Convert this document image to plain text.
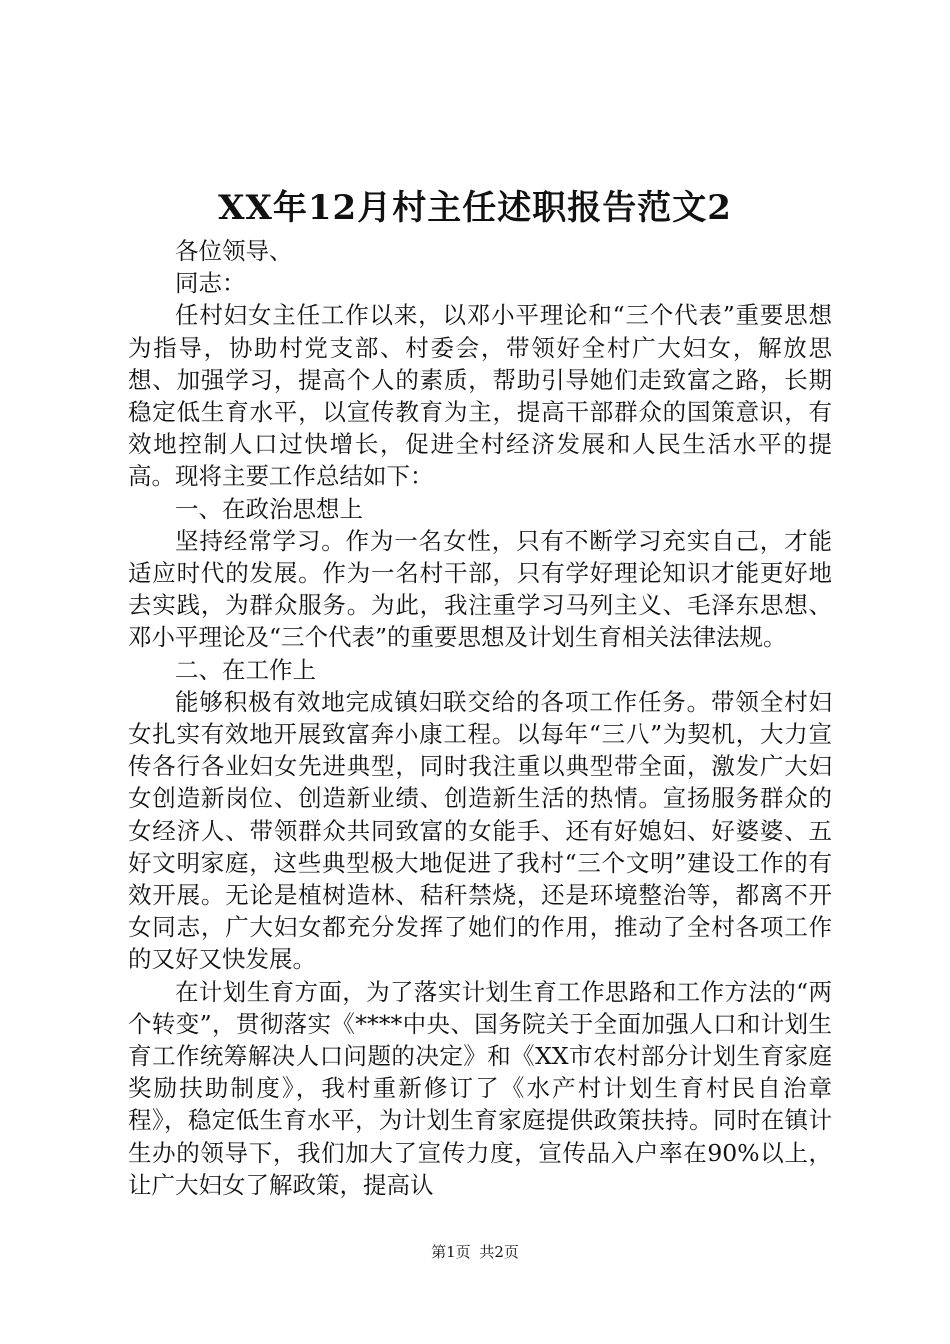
XX年12月村主任述职报告范文2

各位领导、

同志：

任村妇女主任工作以来，以邓小平理论和“三个代表”重要思想为指导，协助村党支部、村委会，带领好全村广大妇女，解放思想、加强学习，提高个人的素质，帮助引导她们走致富之路，长期稳定低生育水平，以宣传教育为主，提高干部群众的国策意识，有效地控制人口过快增长，促进全村经济发展和人民生活水平的提高。现将主要工作总结如下：

一、在政治思想上

坚持经常学习。作为一名女性，只有不断学习充实自己，才能适应时代的发展。作为一名村干部，只有学好理论知识才能更好地去实践，为群众服务。为此，我注重学习马列主义、毛泽东思想、邓小平理论及“三个代表”的重要思想及计划生育相关法律法规。

二、在工作上

能够积极有效地完成镇妇联交给的各项工作任务。带领全村妇女扎实有效地开展致富奔小康工程。以每年“三八”为契机，大力宣传各行各业妇女先进典型，同时我注重以典型带全面，激发广大妇女创造新岗位、创造新业绩、创造新生活的热情。宣扬服务群众的女经济人、带领群众共同致富的女能手、还有好媳妇、好婆婆、五好文明家庭，这些典型极大地促进了我村“三个文明”建设工作的有效开展。无论是植树造林、秸秆禁烧，还是环境整治等，都离不开女同志，广大妇女都充分发挥了她们的作用，推动了全村各项工作的又好又快发展。

在计划生育方面，为了落实计划生育工作思路和工作方法的“两个转变”，贯彻落实《****中央、国务院关于全面加强人口和计划生育工作统筹解决人口问题的决定》和《XX市农村部分计划生育家庭奖励扶助制度》，我村重新修订了《水产村计划生育村民自治章程》，稳定低生育水平，为计划生育家庭提供政策扶持。同时在镇计生办的领导下，我们加大了宣传力度，宣传品入户率在90%以上，让广大妇女了解政策，提高认

第1页 共2页
